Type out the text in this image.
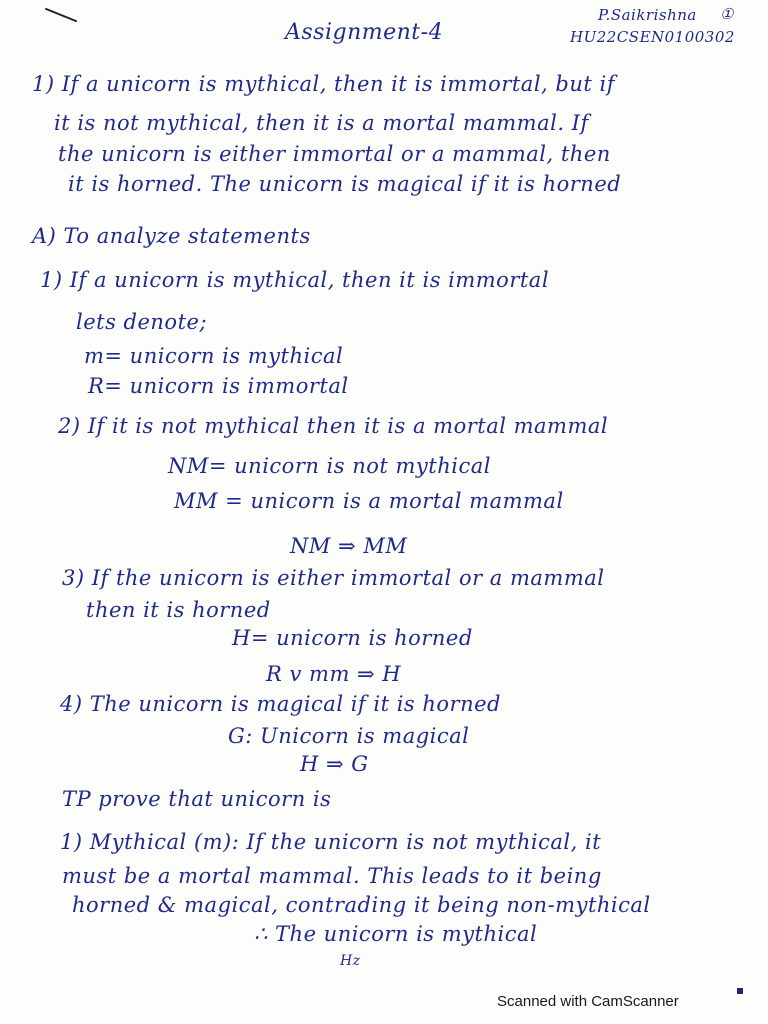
Assignment-4
P.Saikrishna ①
HU22CSEN0100302
1) If a unicorn is mythical, then it is immortal, but if
it is not mythical, then it is a mortal mammal. If
the unicorn is either immortal or a mammal, then
it is horned. The unicorn is magical if it is horned
A) To analyze statements
1) If a unicorn is mythical, then it is immortal
lets denote;
m= unicorn is mythical
R= unicorn is immortal
2) If it is not mythical then it is a mortal mammal
NM= unicorn is not mythical
MM = unicorn is a mortal mammal
NM ⇒ MM
3) If the unicorn is either immortal or a mammal
then it is horned
H= unicorn is horned
R v mm ⇒ H
4) The unicorn is magical if it is horned
G: Unicorn is magical
H ⇒ G
TP prove that unicorn is
1) Mythical (m): If the unicorn is not mythical, it
must be a mortal mammal. This leads to it being
horned & magical, contrading it being non-mythical
∴ The unicorn is mythical
Hz
Scanned with CamScanner
